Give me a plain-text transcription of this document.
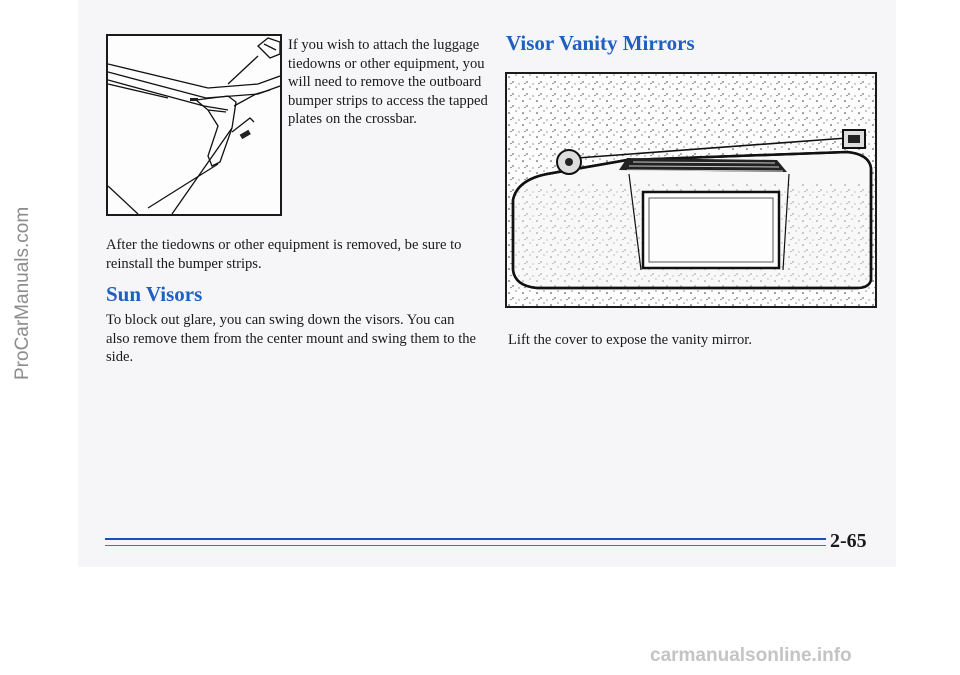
If you wish to attach the luggage tiedowns or other equipment, you will need to remove the outboard bumper strips to access the tapped plates on the crossbar.

After the tiedowns or other equipment is removed, be sure to reinstall the bumper strips.

Sun Visors

To block out glare, you can swing down the visors. You can also remove them from the center mount and swing them to the side.

Visor Vanity Mirrors

Lift the cover to expose the vanity mirror.

2-65

ProCarManuals.com
carmanualsonline.info
